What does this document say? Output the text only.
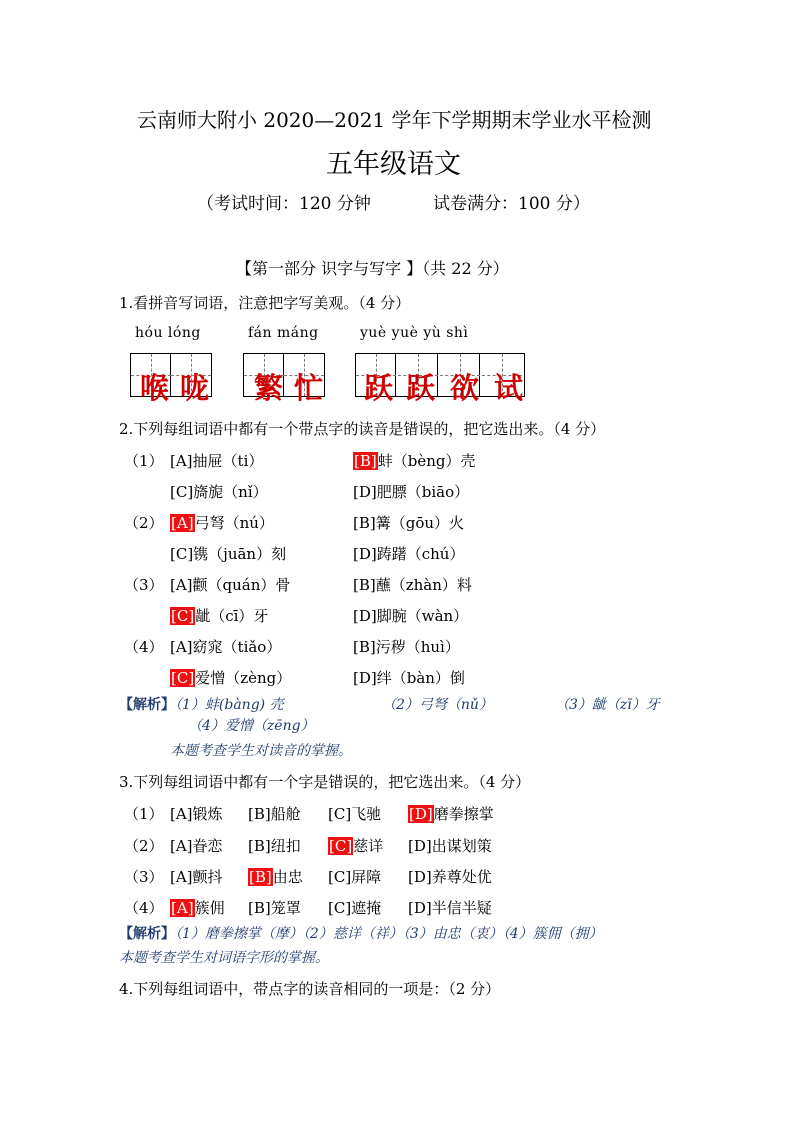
云南师大附小 2020—2021 学年下学期期末学业水平检测
五年级语文
（考试时间：120 分钟	试卷满分：100 分）
【第一部分 识字与写字 】（共 22 分）
1.看拼音写词语，注意把字写美观。（4 分）
hóu lóng	fán máng	yuè yuè yù shì
喉 咙 繁 忙 跃 跃 欲 试
2.下列每组词语中都有一个带点字的读音是错误的，把它选出来。（4 分）
（1） [A]抽屉（ti）	[B]蚌（bèng）壳
[C]旖旎（nǐ）	[D]肥膘（biāo）
（2） [A]弓弩（nú）	[B]篝（gōu）火
[C]镌（juān）刻	[D]踌躇（chú）
（3） [A]颧（quán）骨	[B]蘸（zhàn）料
[C]龇（cī）牙	[D]脚腕（wàn）
（4） [A]窈窕（tiǎo）	[B]污秽（huì）
[C]爱憎（zèng）	[D]绊（bàn）倒
【解析】（1）蚌(bàng) 壳	（2）弓弩（nǔ）	（3）龇（zī）牙
（4）爱憎（zēng）
本题考查学生对读音的掌握。
3.下列每组词语中都有一个字是错误的，把它选出来。（4 分）
（1） [A]锻炼 [B]船舱 [C]飞驰 [D]磨拳擦掌
（2） [A]眷恋 [B]纽扣 [C]慈详 [D]出谋划策
（3） [A]颤抖 [B]由忠 [C]屏障 [D]养尊处优
（4） [A]簇佣 [B]笼罩 [C]遮掩 [D]半信半疑
【解析】（1）磨拳擦掌（摩）（2）慈详（祥）（3）由忠（衷）（4）簇佣（拥）
本题考查学生对词语字形的掌握。
4.下列每组词语中，带点字的读音相同的一项是：（2 分）
